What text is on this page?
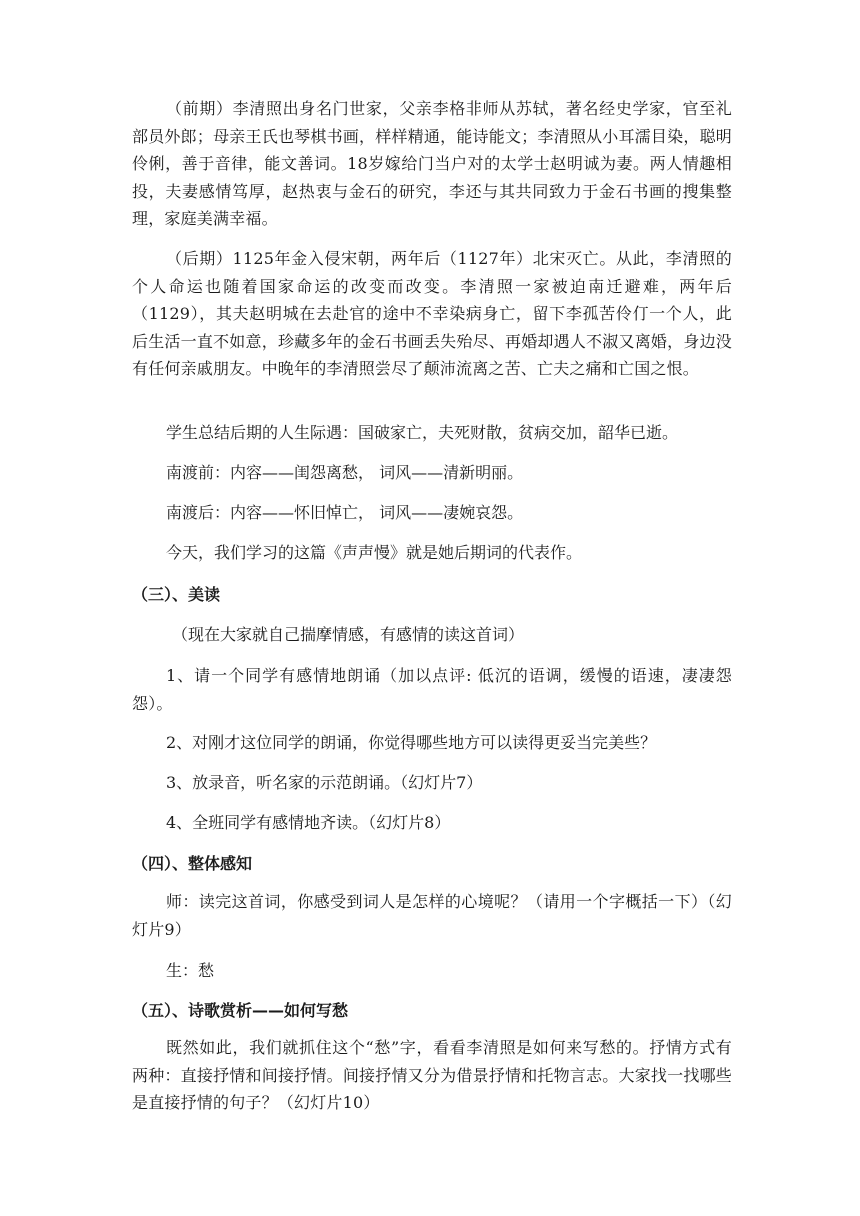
（前期）李清照出身名门世家，父亲李格非师从苏轼，著名经史学家，官至礼部员外郎；母亲王氏也琴棋书画，样样精通，能诗能文；李清照从小耳濡目染，聪明伶俐，善于音律，能文善词。18岁嫁给门当户对的太学士赵明诚为妻。两人情趣相投，夫妻感情笃厚，赵热衷与金石的研究，李还与其共同致力于金石书画的搜集整理，家庭美满幸福。

（后期）1125年金入侵宋朝，两年后（1127年）北宋灭亡。从此，李清照的个人命运也随着国家命运的改变而改变。李清照一家被迫南迁避难，两年后（1129），其夫赵明城在去赴官的途中不幸染病身亡，留下李孤苦伶仃一个人，此后生活一直不如意，珍藏多年的金石书画丢失殆尽、再婚却遇人不淑又离婚，身边没有任何亲戚朋友。中晚年的李清照尝尽了颠沛流离之苦、亡夫之痛和亡国之恨。

学生总结后期的人生际遇：国破家亡，夫死财散，贫病交加，韶华已逝。

南渡前：内容——闺怨离愁， 词风——清新明丽。

南渡后：内容——怀旧悼亡， 词风——凄婉哀怨。

今天，我们学习的这篇《声声慢》就是她后期词的代表作。

（三）、美读

（现在大家就自己揣摩情感，有感情的读这首词）

1、请一个同学有感情地朗诵（加以点评: 低沉的语调，缓慢的语速，凄凄怨怨）。

2、对刚才这位同学的朗诵，你觉得哪些地方可以读得更妥当完美些？

3、放录音，听名家的示范朗诵。（幻灯片7）

4、全班同学有感情地齐读。（幻灯片8）

（四）、整体感知

师：读完这首词，你感受到词人是怎样的心境呢？（请用一个字概括一下）（幻灯片9）

生：愁

（五）、诗歌赏析——如何写愁

既然如此，我们就抓住这个“愁”字，看看李清照是如何来写愁的。抒情方式有两种：直接抒情和间接抒情。间接抒情又分为借景抒情和托物言志。大家找一找哪些是直接抒情的句子？（幻灯片10）
